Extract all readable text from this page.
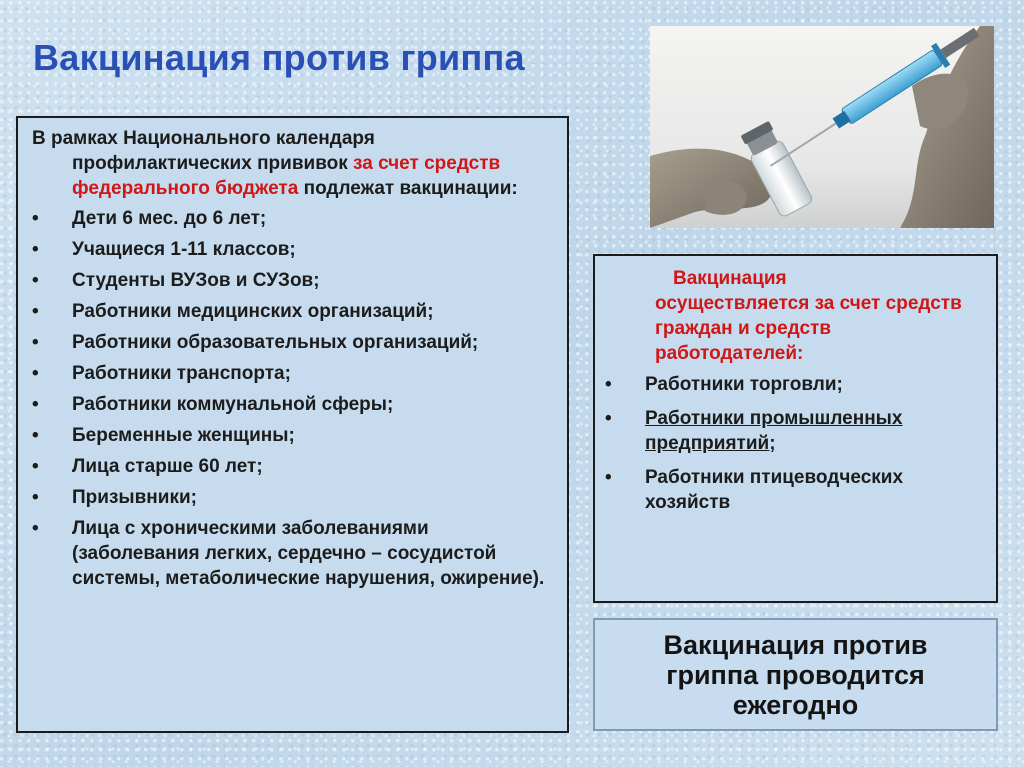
Вакцинация против гриппа
В рамках Национального календаря профилактических прививок за счет средств федерального бюджета подлежат вакцинации:
•	Дети 6 мес. до 6 лет;
•	Учащиеся 1-11 классов;
•	Студенты ВУЗов и СУЗов;
•	Работники медицинских организаций;
•	Работники образовательных организаций;
•	Работники транспорта;
•	Работники коммунальной сферы;
•	Беременные женщины;
•	Лица старше 60 лет;
•	Призывники;
•	Лица с хроническими заболеваниями (заболевания легких, сердечно – сосудистой системы, метаболические нарушения, ожирение).
Вакцинация
осуществляется за счет средств граждан и средств работодателей:
•	Работники торговли;
•	Работники промышленных предприятий;
•	Работники птицеводческих хозяйств
Вакцинация против
гриппа проводится
ежегодно
